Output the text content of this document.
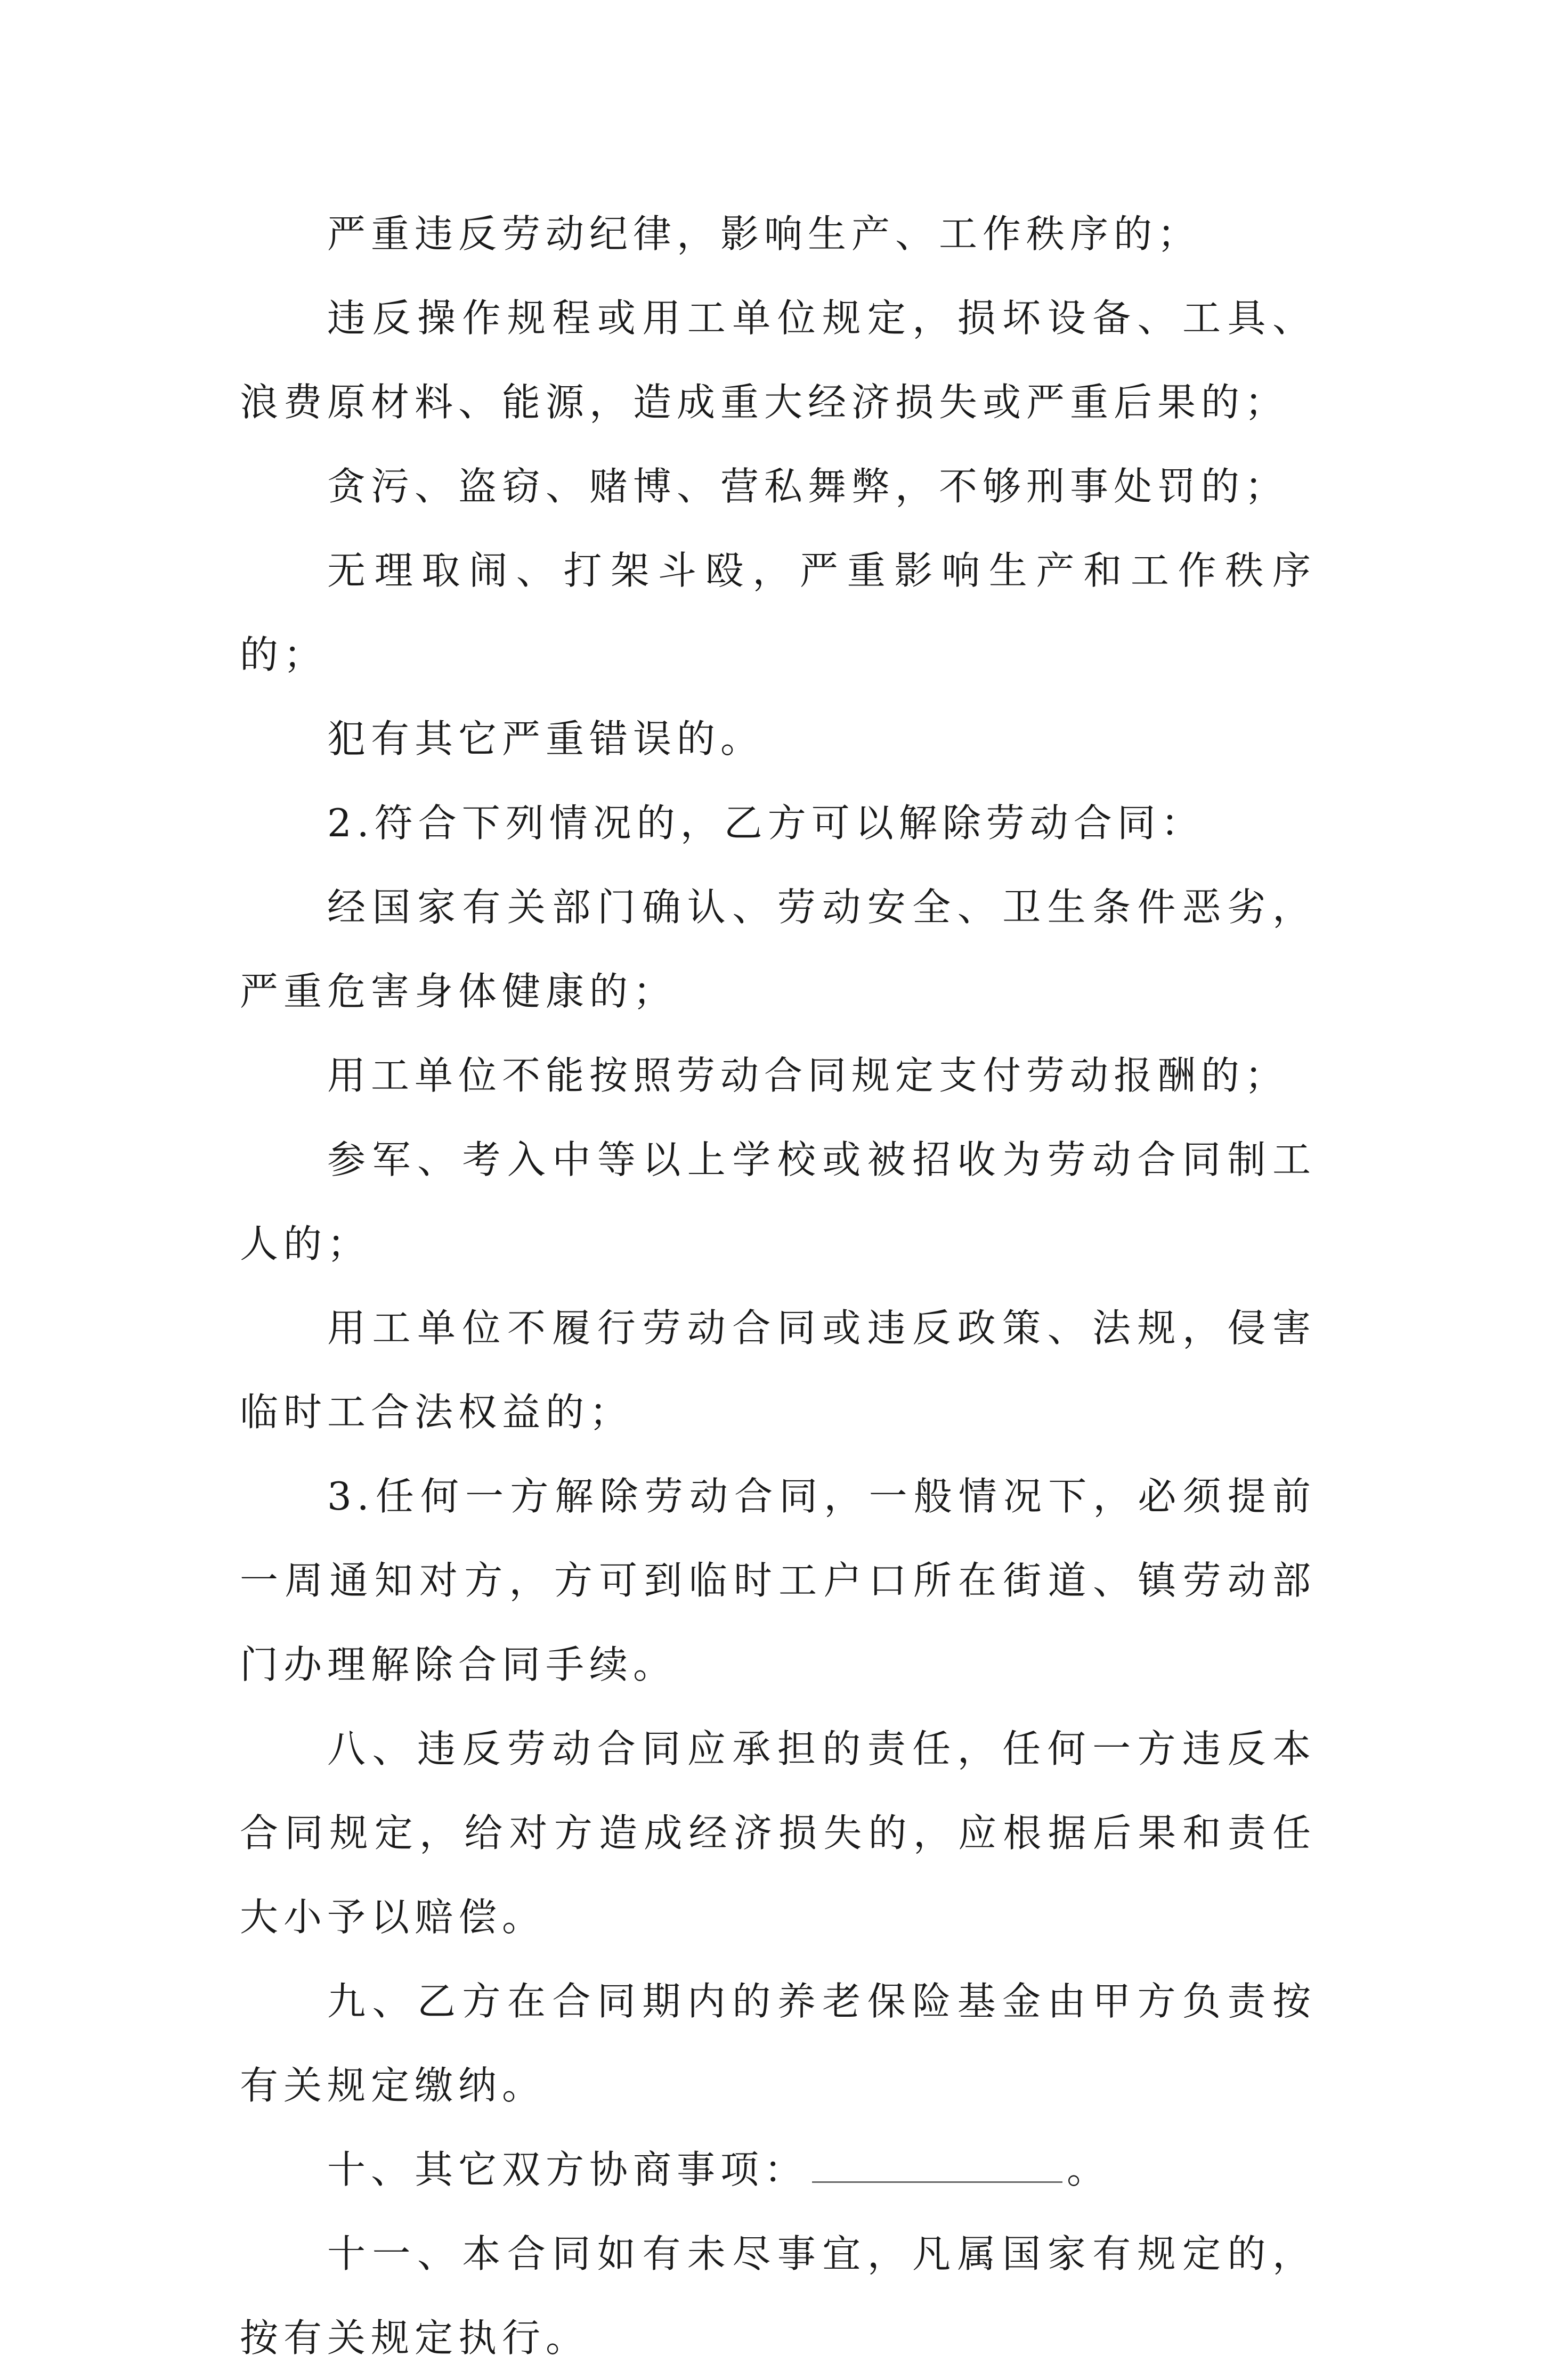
严重违反劳动纪律，影响生产、工作秩序的；

违反操作规程或用工单位规定，损坏设备、工具、浪费原材料、能源，造成重大经济损失或严重后果的；

贪污、盗窃、赌博、营私舞弊，不够刑事处罚的；

无理取闹、打架斗殴，严重影响生产和工作秩序的；

犯有其它严重错误的。

2.符合下列情况的，乙方可以解除劳动合同：

经国家有关部门确认、劳动安全、卫生条件恶劣，严重危害身体健康的；

用工单位不能按照劳动合同规定支付劳动报酬的；

参军、考入中等以上学校或被招收为劳动合同制工人的；

用工单位不履行劳动合同或违反政策、法规，侵害临时工合法权益的；

3.任何一方解除劳动合同，一般情况下，必须提前一周通知对方，方可到临时工户口所在街道、镇劳动部门办理解除合同手续。

八、违反劳动合同应承担的责任，任何一方违反本合同规定，给对方造成经济损失的，应根据后果和责任大小予以赔偿。

九、乙方在合同期内的养老保险基金由甲方负责按有关规定缴纳。

十、其它双方协商事项：	。

十一、本合同如有未尽事宜，凡属国家有规定的，按有关规定执行。
